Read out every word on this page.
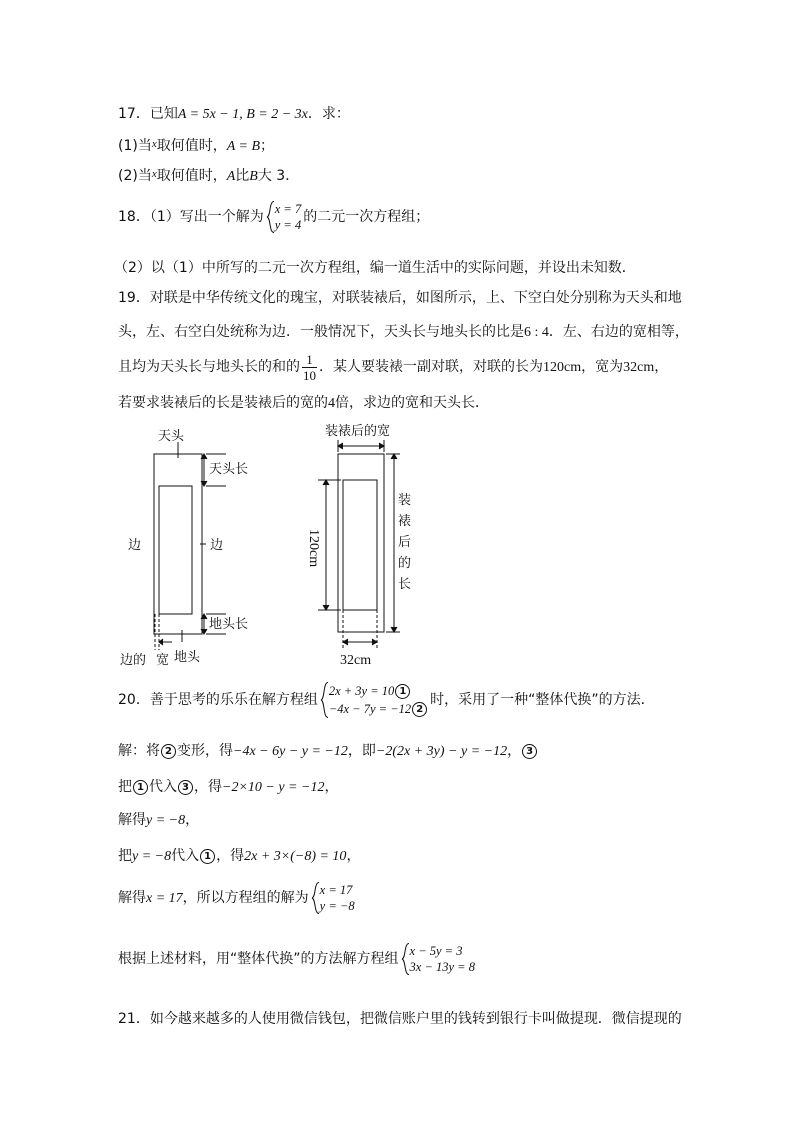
17．已知A = 5x − 1, B = 2 − 3x．求：
(1)当$^x$取何值时，A = B；
(2)当$^x$取何值时，A比B大 3．
18．（1）写出一个解为 x = 7
y = 4 的二元一次方程组；
（2）以（1）中所写的二元一次方程组，编一道生活中的实际问题，并设出未知数．
19．对联是中华传统文化的瑰宝，对联装裱后，如图所示，上、下空白处分别称为天头和地
头，左、右空白处统称为边．一般情况下，天头长与地头长的比是6 : 4．左、右边的宽相等，
且均为天头长与地头长的和的 $\frac{1}{10}$ ．某人要装裱一副对联，对联的长为120cm，宽为32cm，
若要求装裱后的长是装裱后的宽的4倍，求边的宽和天头长．
天头
天头长
边	边
地头长
边的 宽 地头
装裱后的宽
装
裱
后
的
长
120cm
32cm
20．善于思考的乐乐在解方程组
2x + 3y = 10 1
−4x − 7y = −12 2
时，采用了一种“整体代换”的方法．
解：将 2 变形，得−4x − 6y − y = −12，即−2(2x + 3y) − y = −12， 3
把 1 代入 3 ，得−2×10 − y = −12，
解得y = −8，
把y = −8代入 1 ，得2x + 3×(−8) = 10，
解得x = 17，所以方程组的解为 x = 17
y = −8
根据上述材料，用“整体代换”的方法解方程组 x − 5y = 3
3x − 13y = 8
21．如今越来越多的人使用微信钱包，把微信账户里的钱转到银行卡叫做提现．微信提现的
